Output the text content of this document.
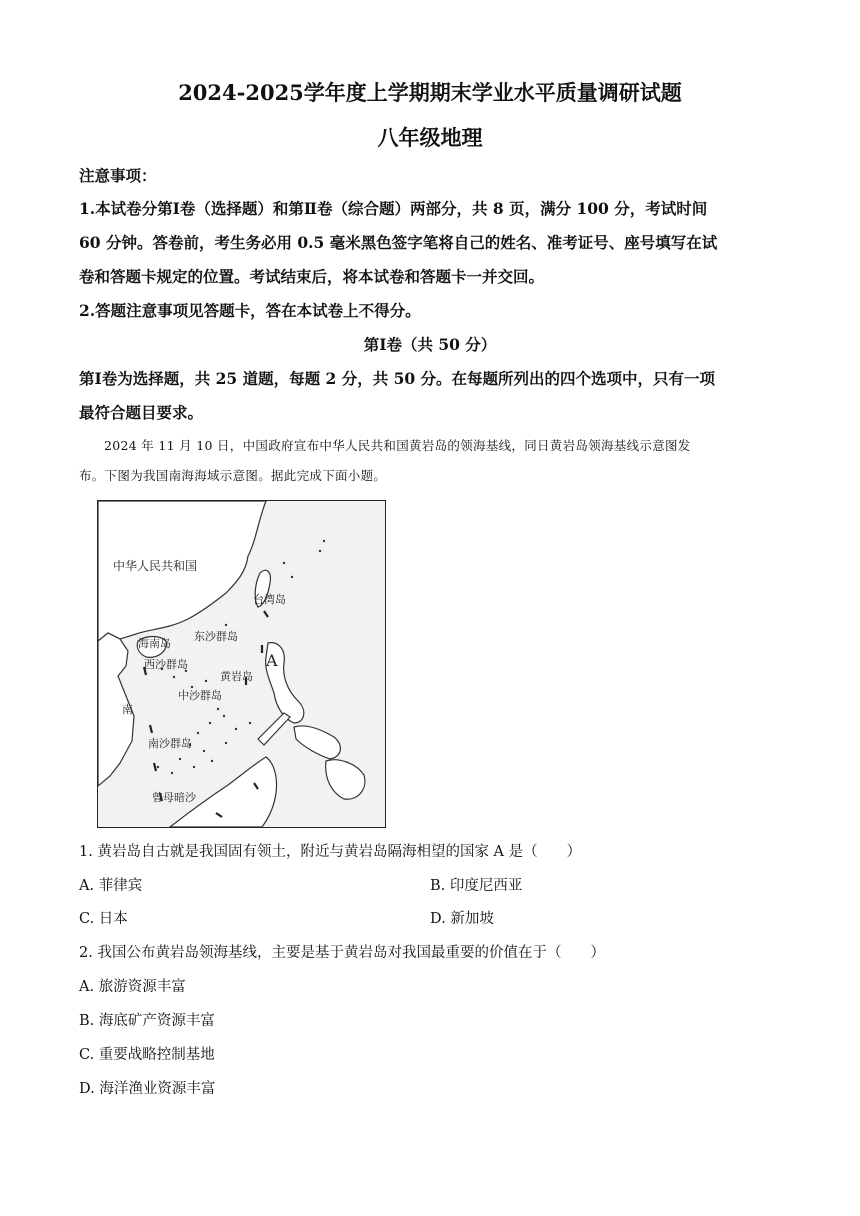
2024-2025学年度上学期期末学业水平质量调研试题
八年级地理
注意事项：
1.本试卷分第Ⅰ卷（选择题）和第Ⅱ卷（综合题）两部分，共 8 页，满分 100 分，考试时间
60 分钟。答卷前，考生务必用 0.5 毫米黑色签字笔将自己的姓名、准考证号、座号填写在试
卷和答题卡规定的位置。考试结束后，将本试卷和答题卡一并交回。
2.答题注意事项见答题卡，答在本试卷上不得分。
第Ⅰ卷（共 50 分）
第Ⅰ卷为选择题，共 25 道题，每题 2 分，共 50 分。在每题所列出的四个选项中，只有一项
最符合题目要求。
2024 年 11 月 10 日，中国政府宣布中华人民共和国黄岩岛的领海基线，同日黄岩岛领海基线示意图发
布。下图为我国南海海域示意图。据此完成下面小题。
中华人民共和国
台湾岛
海南岛
东沙群岛
西沙群岛
黄岩岛
中沙群岛
南沙群岛
曾母暗沙
A
南
1. 黄岩岛自古就是我国固有领土，附近与黄岩岛隔海相望的国家 A 是（　　）
A. 菲律宾	B. 印度尼西亚
C. 日本	D. 新加坡
2. 我国公布黄岩岛领海基线，主要是基于黄岩岛对我国最重要的价值在于（　　）
A. 旅游资源丰富
B. 海底矿产资源丰富
C. 重要战略控制基地
D. 海洋渔业资源丰富
